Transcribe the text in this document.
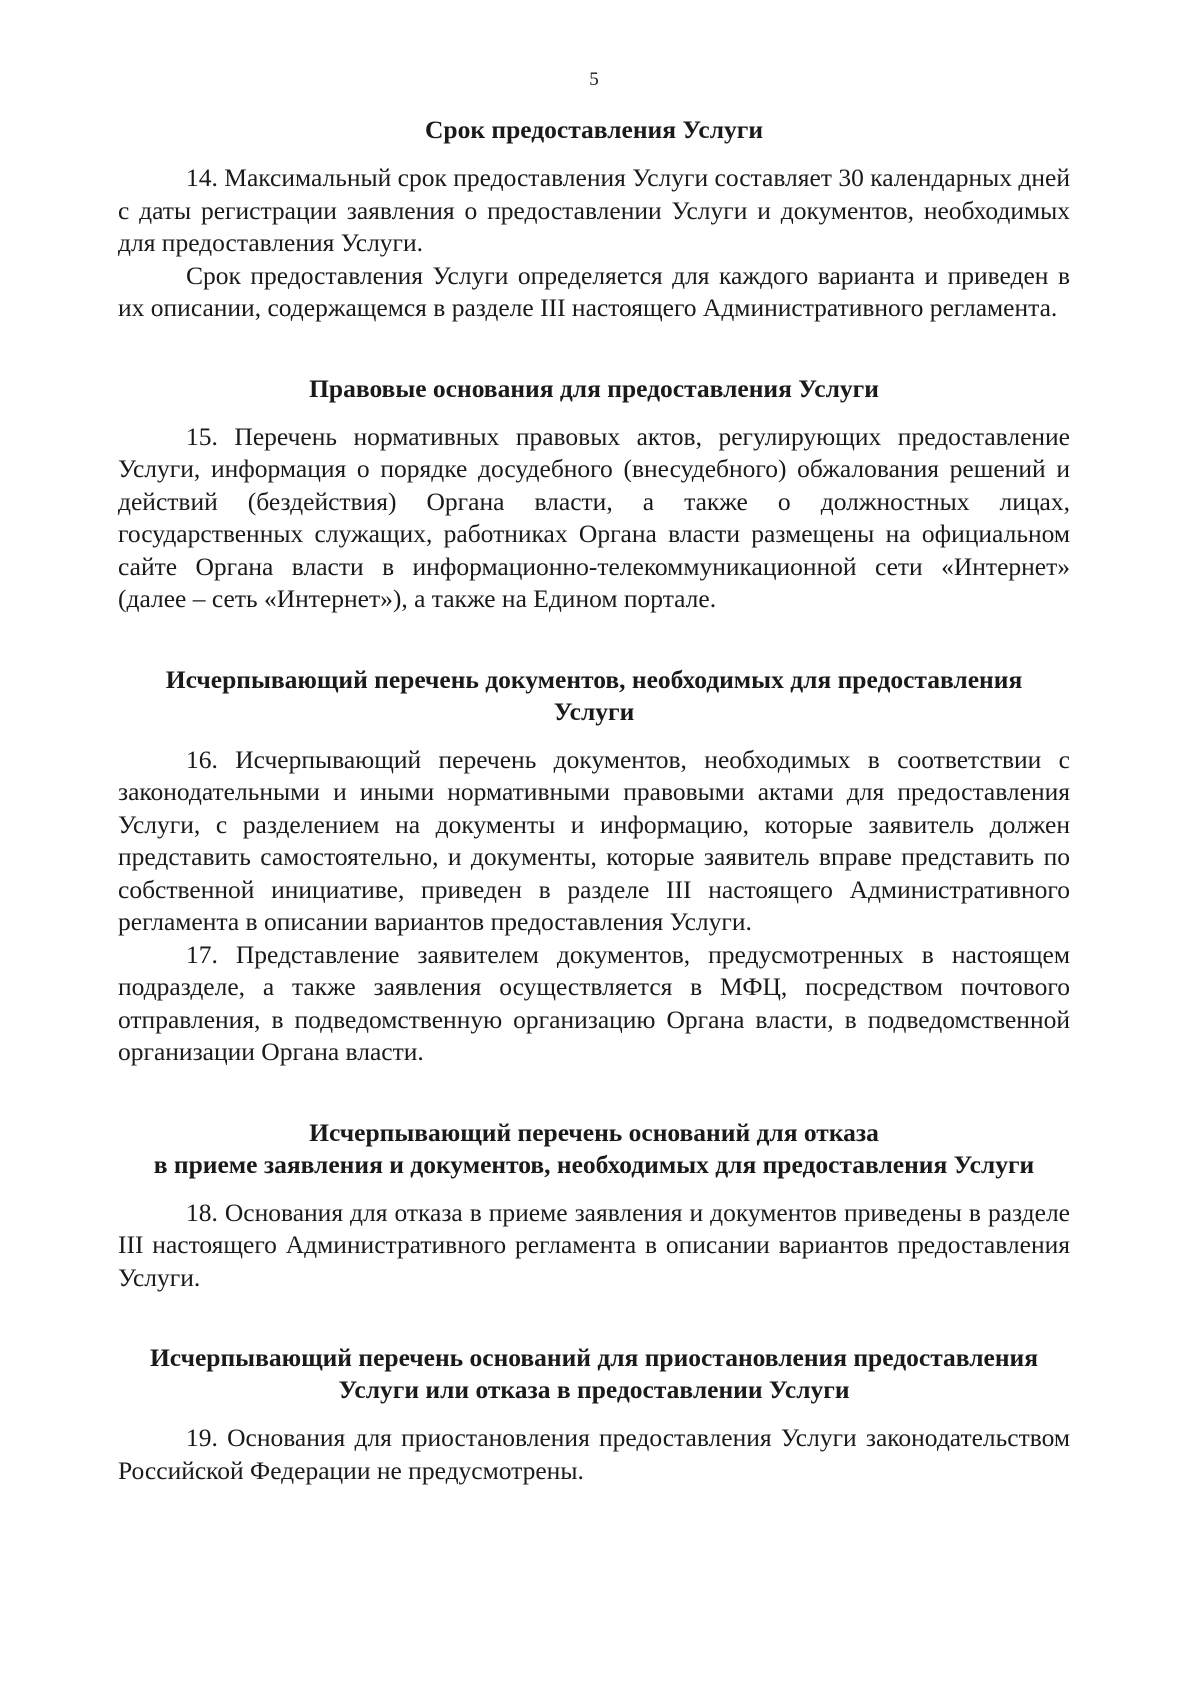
5
Срок предоставления Услуги

14. Максимальный срок предоставления Услуги составляет 30 календарных дней с даты регистрации заявления о предоставлении Услуги и документов, необходимых для предоставления Услуги.

Срок предоставления Услуги определяется для каждого варианта и приведен в их описании, содержащемся в разделе III настоящего Административного регламента.

Правовые основания для предоставления Услуги

15. Перечень нормативных правовых актов, регулирующих предоставление Услуги, информация о порядке досудебного (внесудебного) обжалования решений и действий (бездействия) Органа власти, а также о должностных лицах, государственных служащих, работниках Органа власти размещены на официальном сайте Органа власти в информационно-телекоммуникационной сети «Интернет» (далее – сеть «Интернет»), а также на Едином портале.

Исчерпывающий перечень документов, необходимых для предоставления
Услуги

16. Исчерпывающий перечень документов, необходимых в соответствии с законодательными и иными нормативными правовыми актами для предоставления Услуги, с разделением на документы и информацию, которые заявитель должен представить самостоятельно, и документы, которые заявитель вправе представить по собственной инициативе, приведен в разделе III настоящего Административного регламента в описании вариантов предоставления Услуги.

17. Представление заявителем документов, предусмотренных в настоящем подразделе, а также заявления осуществляется в МФЦ, посредством почтового отправления, в подведомственную организацию Органа власти, в подведомственной организации Органа власти.

Исчерпывающий перечень оснований для отказа
в приеме заявления и документов, необходимых для предоставления Услуги

18. Основания для отказа в приеме заявления и документов приведены в разделе III настоящего Административного регламента в описании вариантов предоставления Услуги.

Исчерпывающий перечень оснований для приостановления предоставления
Услуги или отказа в предоставлении Услуги

19. Основания для приостановления предоставления Услуги законодательством Российской Федерации не предусмотрены.
